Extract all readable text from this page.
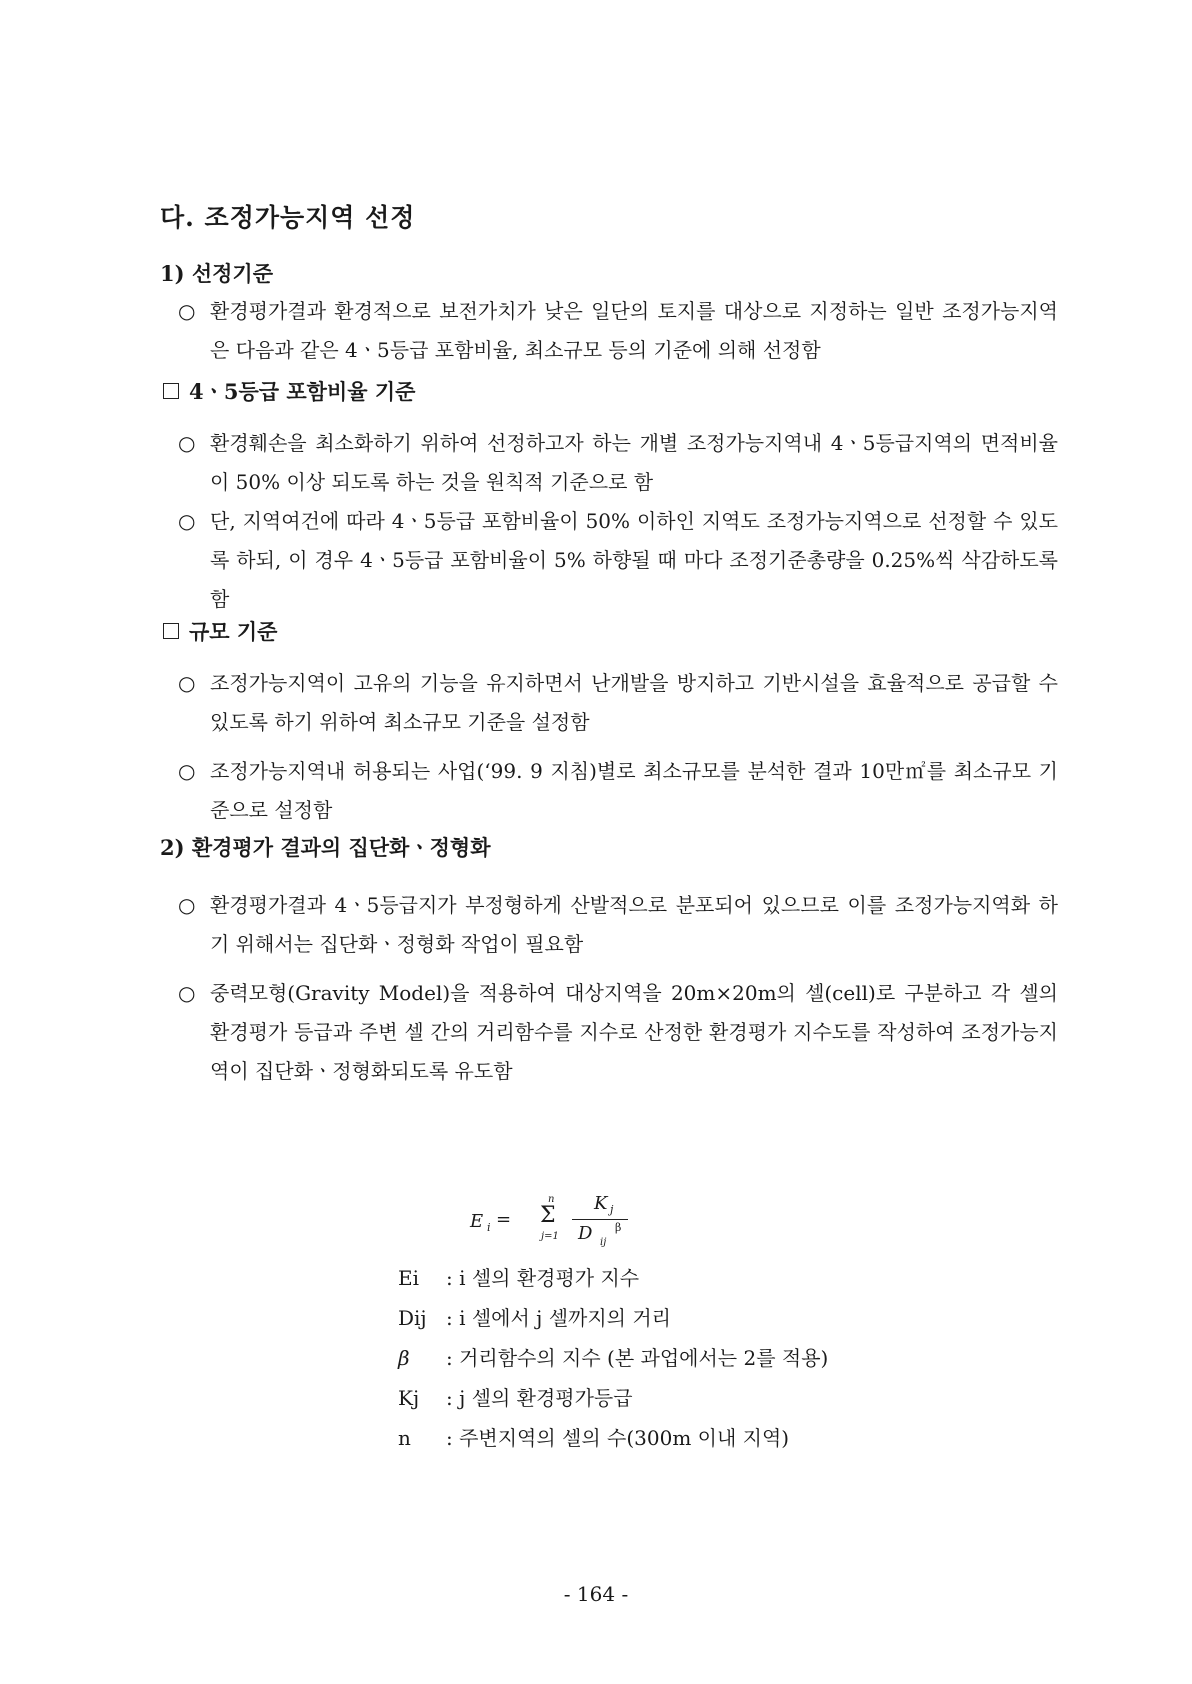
다. 조정가능지역 선정
1) 선정기준
○ 환경평가결과 환경적으로 보전가치가 낮은 일단의 토지를 대상으로 지정하는 일반 조정가능지역은 다음과 같은 4ㆍ5등급 포함비율, 최소규모 등의 기준에 의해 선정함
4ㆍ5등급 포함비율 기준
○ 환경훼손을 최소화하기 위하여 선정하고자 하는 개별 조정가능지역내 4ㆍ5등급지역의 면적비율이 50% 이상 되도록 하는 것을 원칙적 기준으로 함
○ 단, 지역여건에 따라 4ㆍ5등급 포함비율이 50% 이하인 지역도 조정가능지역으로 선정할 수 있도록 하되, 이 경우 4ㆍ5등급 포함비율이 5% 하향될 때 마다 조정기준총량을 0.25%씩 삭감하도록 함
규모 기준
○ 조정가능지역이 고유의 기능을 유지하면서 난개발을 방지하고 기반시설을 효율적으로 공급할 수 있도록 하기 위하여 최소규모 기준을 설정함
○ 조정가능지역내 허용되는 사업(‘99. 9 지침)별로 최소규모를 분석한 결과 10만㎡를 최소규모 기준으로 설정함
2) 환경평가 결과의 집단화ㆍ정형화
○ 환경평가결과 4ㆍ5등급지가 부정형하게 산발적으로 분포되어 있으므로 이를 조정가능지역화 하기 위해서는 집단화ㆍ정형화 작업이 필요함
○ 중력모형(Gravity Model)을 적용하여 대상지역을 20m×20m의 셀(cell)로 구분하고 각 셀의 환경평가 등급과 주변 셀 간의 거리함수를 지수로 산정한 환경평가 지수도를 작성하여 조정가능지역이 집단화ㆍ정형화되도록 유도함
E i =
n
Σ
j=1
K j
D ij
β
Ei	: i 셀의 환경평가 지수
Dij : i 셀에서 j 셀까지의 거리
β	: 거리함수의 지수 (본 과업에서는 2를 적용)
Kj	: j 셀의 환경평가등급
n	: 주변지역의 셀의 수(300m 이내 지역)
- 164 -
